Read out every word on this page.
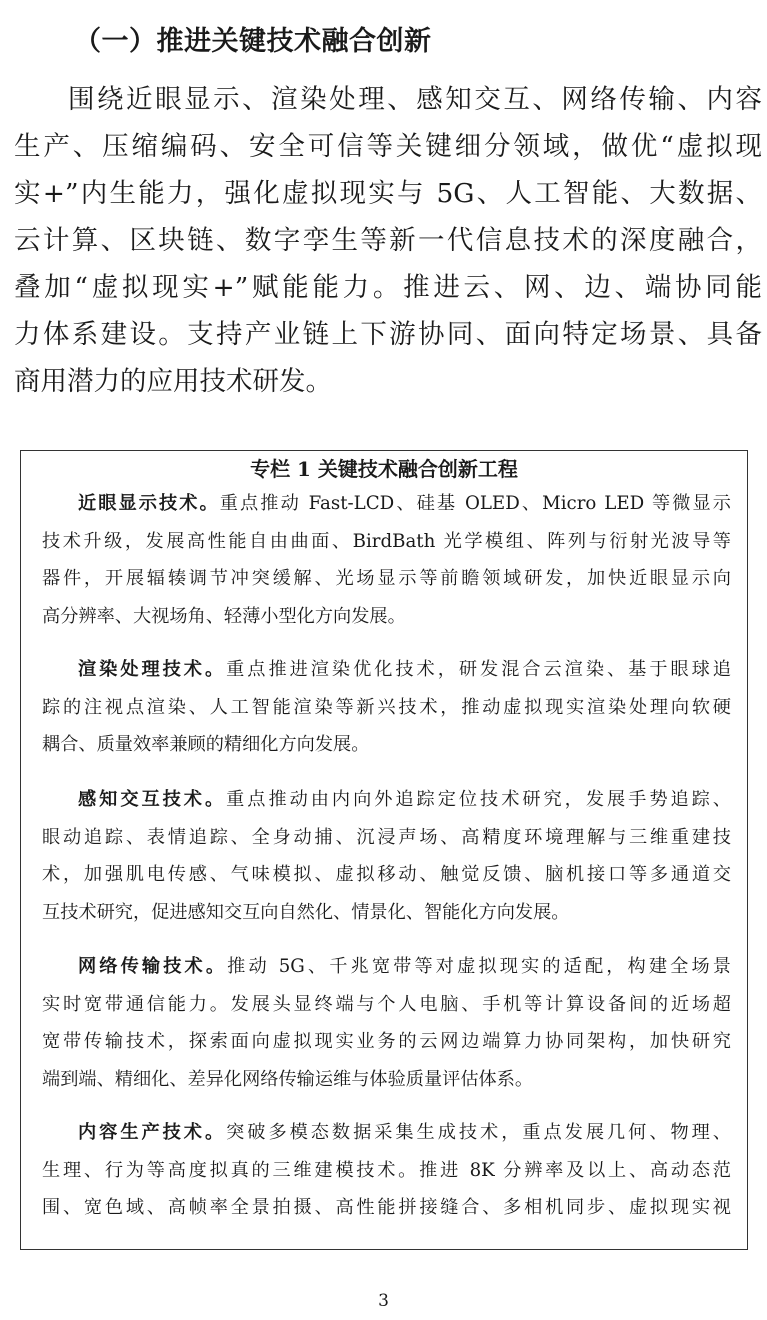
（一）推进关键技术融合创新
围绕近眼显示、渲染处理、感知交互、网络传输、内容
生产、压缩编码、安全可信等关键细分领域，做优“虚拟现
实+”内生能力，强化虚拟现实与 5G、人工智能、大数据、
云计算、区块链、数字孪生等新一代信息技术的深度融合，
叠加“虚拟现实+”赋能能力。推进云、网、边、端协同能
力体系建设。支持产业链上下游协同、面向特定场景、具备
商用潜力的应用技术研发。
专栏 1 关键技术融合创新工程
近眼显示技术。重点推动 Fast-LCD、硅基 OLED、Micro LED 等微显示
技术升级，发展高性能自由曲面、BirdBath 光学模组、阵列与衍射光波导等
器件，开展辐辏调节冲突缓解、光场显示等前瞻领域研发，加快近眼显示向
高分辨率、大视场角、轻薄小型化方向发展。
渲染处理技术。重点推进渲染优化技术，研发混合云渲染、基于眼球追
踪的注视点渲染、人工智能渲染等新兴技术，推动虚拟现实渲染处理向软硬
耦合、质量效率兼顾的精细化方向发展。
感知交互技术。重点推动由内向外追踪定位技术研究，发展手势追踪、
眼动追踪、表情追踪、全身动捕、沉浸声场、高精度环境理解与三维重建技
术，加强肌电传感、气味模拟、虚拟移动、触觉反馈、脑机接口等多通道交
互技术研究，促进感知交互向自然化、情景化、智能化方向发展。
网络传输技术。推动 5G、千兆宽带等对虚拟现实的适配，构建全场景
实时宽带通信能力。发展头显终端与个人电脑、手机等计算设备间的近场超
宽带传输技术，探索面向虚拟现实业务的云网边端算力协同架构，加快研究
端到端、精细化、差异化网络传输运维与体验质量评估体系。
内容生产技术。突破多模态数据采集生成技术，重点发展几何、物理、
生理、行为等高度拟真的三维建模技术。推进 8K 分辨率及以上、高动态范
围、宽色域、高帧率全景拍摄、高性能拼接缝合、多相机同步、虚拟现实视
3
